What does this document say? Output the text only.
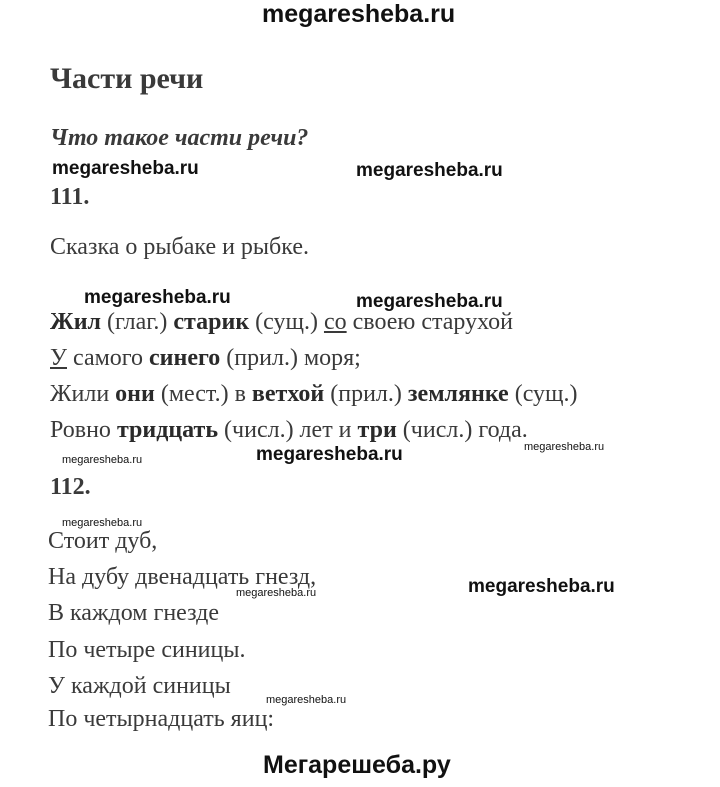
megaresheba.ru
megaresheba.ru	megaresheba.ru
megaresheba.ru	megaresheba.ru
megaresheba.ru
megaresheba.ru
megaresheba.ru
megaresheba.ru
megaresheba.ru
megaresheba.ru
megaresheba.ru
Части речи
Что такое части речи?
111.
Сказка о рыбаке и рыбке.
Жил (глаг.) старик (сущ.) со своею старухой
У самого синего (прил.) моря;
Жили они (мест.) в ветхой (прил.) землянке (сущ.)
Ровно тридцать (числ.) лет и три (числ.) года.
112.
Стоит дуб,
На дубу двенадцать гнезд,
В каждом гнезде
По четыре синицы.
У каждой синицы
По четырнадцать яиц:
Мегарешеба.ру
